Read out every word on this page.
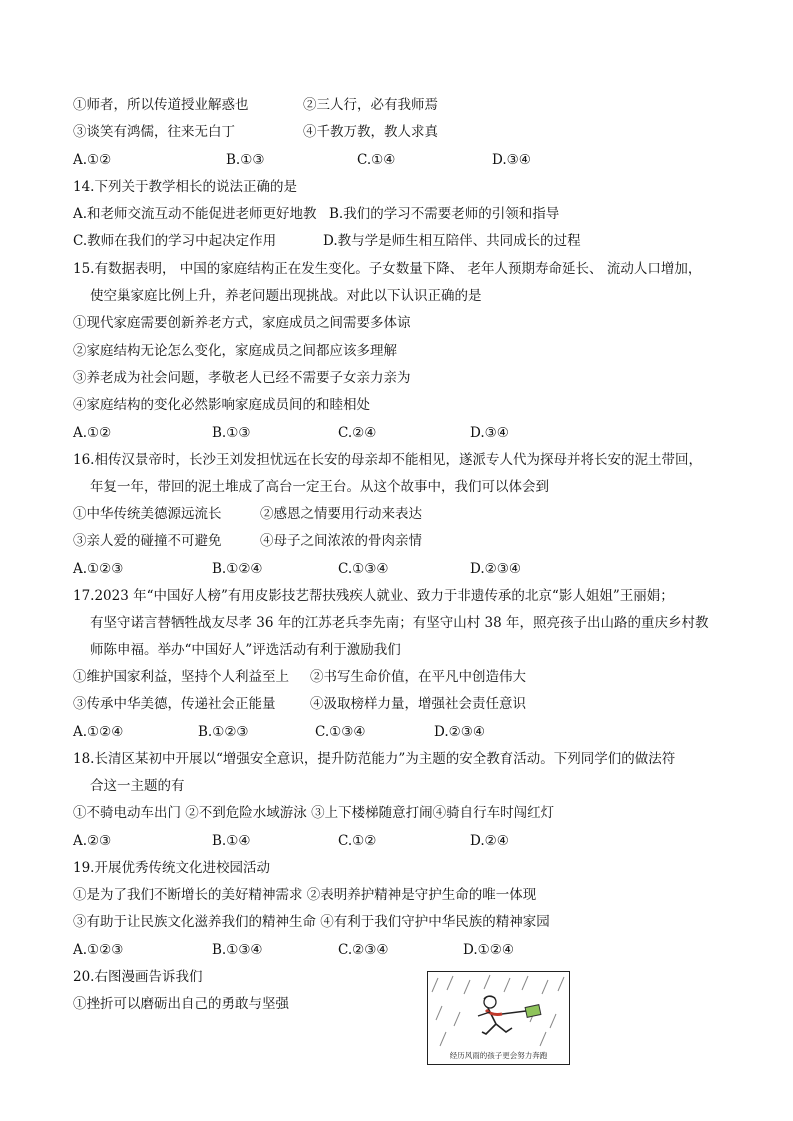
①师者，所以传道授业解惑也	②三人行，必有我师焉
③谈笑有鸿儒，往来无白丁	④千教万教，教人求真
A.①②	B.①③	C.①④	D.③④
14.下列关于教学相长的说法正确的是
A.和老师交流互动不能促进老师更好地教 B.我们的学习不需要老师的引领和指导
C.教师在我们的学习中起决定作用	D.教与学是师生相互陪伴、共同成长的过程
15.有数据表明， 中国的家庭结构正在发生变化。子女数量下降、 老年人预期寿命延长、 流动人口增加，
使空巢家庭比例上升，养老问题出现挑战。对此以下认识正确的是
①现代家庭需要创新养老方式，家庭成员之间需要多体谅
②家庭结构无论怎么变化，家庭成员之间都应该多理解
③养老成为社会问题，孝敬老人已经不需要子女亲力亲为
④家庭结构的变化必然影响家庭成员间的和睦相处
A.①②	B.①③	C.②④	D.③④
16.相传汉景帝时，长沙王刘发担忧远在长安的母亲却不能相见，遂派专人代为探母并将长安的泥土带回，
年复一年，带回的泥土堆成了高台一定王台。从这个故事中，我们可以体会到
①中华传统美德源远流长	②感恩之情要用行动来表达
③亲人爱的碰撞不可避免	④母子之间浓浓的骨肉亲情
A.①②③	B.①②④	C.①③④	D.②③④
17.2023 年“中国好人榜”有用皮影技艺帮扶残疾人就业、致力于非遗传承的北京“影人姐姐”王丽娟；
有坚守诺言替牺牲战友尽孝 36 年的江苏老兵李先南；有坚守山村 38 年，照亮孩子出山路的重庆乡村教
师陈申福。举办“中国好人”评选活动有利于激励我们
①维护国家利益，坚持个人利益至上 ②书写生命价值，在平凡中创造伟大
③传承中华美德，传递社会正能量	④汲取榜样力量，增强社会责任意识
A.①②④	B.①②③	C.①③④	D.②③④
18.长清区某初中开展以“增强安全意识，提升防范能力”为主题的安全教育活动。下列同学们的做法符
合这一主题的有
①不骑电动车出门 ②不到危险水域游泳 ③上下楼梯随意打闹④骑自行车时闯红灯
A.②③	B.①④	C.①②	D.②④
19.开展优秀传统文化进校园活动
①是为了我们不断增长的美好精神需求 ②表明养护精神是守护生命的唯一体现
③有助于让民族文化滋养我们的精神生命 ④有利于我们守护中华民族的精神家园
A.①②③	B.①③④	C.②③④	D.①②④
20.右图漫画告诉我们
①挫折可以磨砺出自己的勇敢与坚强
经历风雨的孩子更会努力奔跑
